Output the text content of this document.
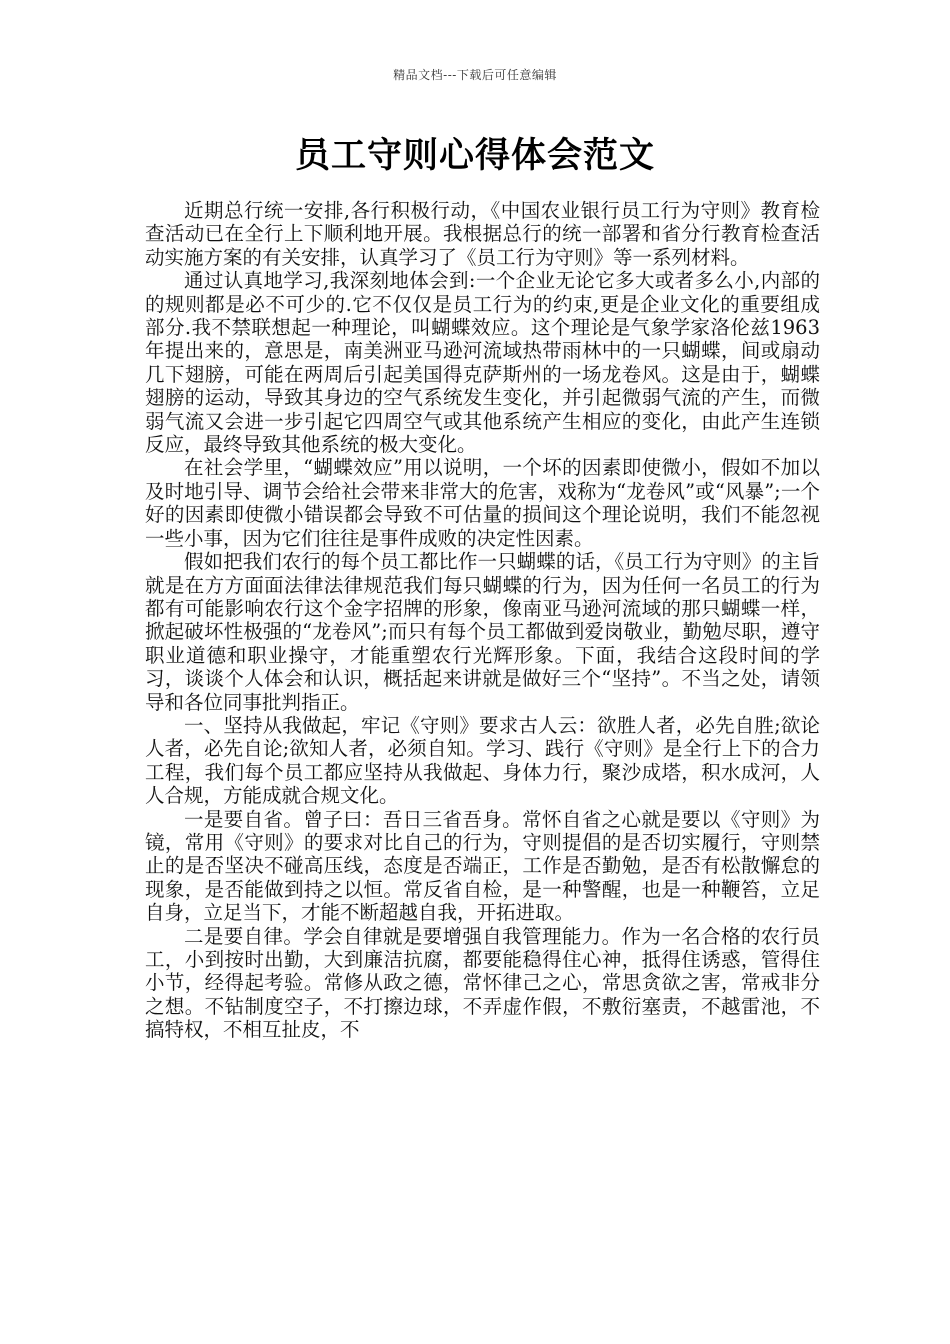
精品文档---下载后可任意编辑
员工守则心得体会范文

近期总行统一安排,各行积极行动，《中国农业银行员工行为守则》教育检查活动已在全行上下顺利地开展。我根据总行的统一部署和省分行教育检查活动实施方案的有关安排，认真学习了《员工行为守则》等一系列材料。

通过认真地学习,我深刻地体会到:一个企业无论它多大或者多么小,内部的的规则都是必不可少的.它不仅仅是员工行为的约束,更是企业文化的重要组成部分.我不禁联想起一种理论，叫蝴蝶效应。这个理论是气象学家洛伦兹1963年提出来的，意思是，南美洲亚马逊河流域热带雨林中的一只蝴蝶，间或扇动几下翅膀，可能在两周后引起美国得克萨斯州的一场龙卷风。这是由于，蝴蝶翅膀的运动，导致其身边的空气系统发生变化，并引起微弱气流的产生，而微弱气流又会进一步引起它四周空气或其他系统产生相应的变化，由此产生连锁反应，最终导致其他系统的极大变化。

在社会学里，“蝴蝶效应”用以说明，一个坏的因素即使微小，假如不加以及时地引导、调节会给社会带来非常大的危害，戏称为“龙卷风”或“风暴”;一个好的因素即使微小错误都会导致不可估量的损间这个理论说明，我们不能忽视一些小事，因为它们往往是事件成败的决定性因素。

假如把我们农行的每个员工都比作一只蝴蝶的话，《员工行为守则》的主旨就是在方方面面法律法律规范我们每只蝴蝶的行为，因为任何一名员工的行为都有可能影响农行这个金字招牌的形象，像南亚马逊河流域的那只蝴蝶一样，掀起破坏性极强的“龙卷风”;而只有每个员工都做到爱岗敬业，勤勉尽职，遵守职业道德和职业操守，才能重塑农行光辉形象。下面，我结合这段时间的学习，谈谈个人体会和认识，概括起来讲就是做好三个“坚持”。不当之处，请领导和各位同事批判指正。

一、坚持从我做起，牢记《守则》要求古人云：欲胜人者，必先自胜;欲论人者，必先自论;欲知人者，必须自知。学习、践行《守则》是全行上下的合力工程，我们每个员工都应坚持从我做起、身体力行，聚沙成塔，积水成河，人人合规，方能成就合规文化。

一是要自省。曾子曰：吾日三省吾身。常怀自省之心就是要以《守则》为镜，常用《守则》的要求对比自己的行为，守则提倡的是否切实履行，守则禁止的是否坚决不碰高压线，态度是否端正，工作是否勤勉，是否有松散懈怠的现象，是否能做到持之以恒。常反省自检，是一种警醒，也是一种鞭笞，立足自身，立足当下，才能不断超越自我，开拓进取。

二是要自律。学会自律就是要增强自我管理能力。作为一名合格的农行员工，小到按时出勤，大到廉洁抗腐，都要能稳得住心神，抵得住诱惑，管得住小节，经得起考验。常修从政之德，常怀律己之心，常思贪欲之害，常戒非分之想。不钻制度空子，不打擦边球，不弄虚作假，不敷衍塞责，不越雷池，不搞特权，不相互扯皮，不
